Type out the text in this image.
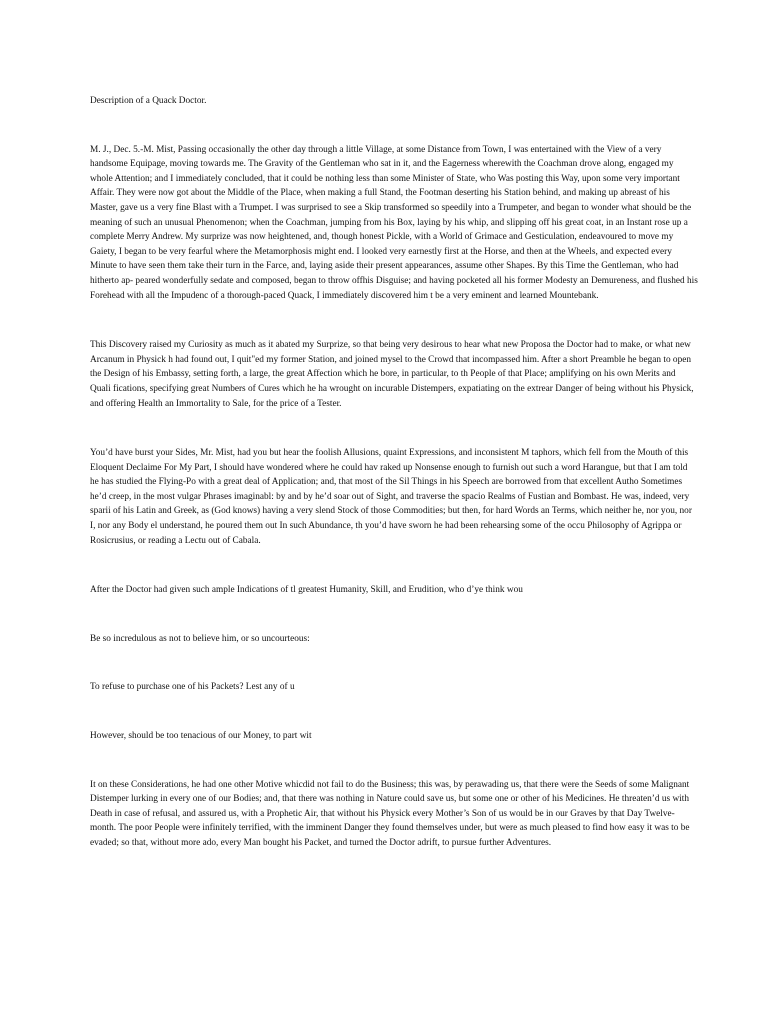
Description of a Quack Doctor.

M. J., Dec. 5.-M. Mist, Passing occasionally the other day through a little Village, at some Distance from Town, I was entertained with the View of a very handsome Equipage, moving towards me. The Gravity of the Gentleman who sat in it, and the Eagerness wherewith the Coachman drove along, engaged my whole Attention; and I immediately concluded, that it could be nothing less than some Minister of State, who Was posting this Way, upon some very important Affair. They were now got about the Middle of the Place, when making a full Stand, the Footman deserting his Station behind, and making up abreast of his Master, gave us a very fine Blast with a Trumpet. I was surprised to see a Skip transformed so speedily into a Trumpeter, and began to wonder what should be the meaning of such an unusual Phenomenon; when the Coachman, jumping from his Box, laying by his whip, and slipping off his great coat, in an Instant rose up a complete Merry Andrew. My surprize was now heightened, and, though honest Pickle, with a World of Grimace and Gesticulation, endeavoured to move my Gaiety, I began to be very fearful where the Metamorphosis might end. I looked very earnestly first at the Horse, and then at the Wheels, and expected every Minute to have seen them take their turn in the Farce, and, laying aside their present appearances, assume other Shapes. By this Time the Gentleman, who had hitherto ap- peared wonderfully sedate and composed, began to throw offhis Disguise; and having pocketed all his former Modesty an Demureness, and flushed his Forehead with all the Impudenc of a thorough-paced Quack, I immediately discovered him t be a very eminent and learned Mountebank.

This Discovery raised my Curiosity as much as it abated my Surprize, so that being very desirous to hear what new Proposa the Doctor had to make, or what new Arcanum in Physick h had found out, I quit"ed my former Station, and joined mysel to the Crowd that incompassed him. After a short Preamble he began to open the Design of his Embassy, setting forth, a large, the great Affection which he bore, in particular, to th People of that Place; amplifying on his own Merits and Quali fications, specifying great Numbers of Cures which he ha wrought on incurable Distempers, expatiating on the extrear Danger of being without his Physick, and offering Health an Immortality to Sale, for the price of a Tester.

You’d have burst your Sides, Mr. Mist, had you but hear the foolish Allusions, quaint Expressions, and inconsistent M taphors, which fell from the Mouth of this Eloquent Declaime For My Part, I should have wondered where he could hav raked up Nonsense enough to furnish out such a word Harangue, but that I am told he has studied the Flying-Po with a great deal of Application; and, that most of the Sil Things in his Speech are borrowed from that excellent Autho Sometimes he’d creep, in the most vulgar Phrases imaginabl: by and by he’d soar out of Sight, and traverse the spacio Realms of Fustian and Bombast. He was, indeed, very sparii of his Latin and Greek, as (God knows) having a very slend Stock of those Commodities; but then, for hard Words an Terms, which neither he, nor you, nor I, nor any Body el understand, he poured them out In such Abundance, th you’d have sworn he had been rehearsing some of the occu Philosophy of Agrippa or Rosicrusius, or reading a Lectu out of Cabala.

After the Doctor had given such ample Indications of tl greatest Humanity, Skill, and Erudition, who d’ye think wou

Be so incredulous as not to believe him, or so uncourteous:

To refuse to purchase one of his Packets? Lest any of u

However, should be too tenacious of our Money, to part wit

It on these Considerations, he had one other Motive whicdid not fail to do the Business; this was, by perawading us, that there were the Seeds of some Malignant Distemper lurking in every one of our Bodies; and, that there was nothing in Nature could save us, but some one or other of his Medicines. He threaten’d us with Death in case of refusal, and assured us, with a Prophetic Air, that without his Physick every Mother’s Son of us would be in our Graves by that Day Twelve- month. The poor People were infinitely terrified, with the imminent Danger they found themselves under, but were as much pleased to find how easy it was to be evaded; so that, without more ado, every Man bought his Packet, and turned the Doctor adrift, to pursue further Adventures.
